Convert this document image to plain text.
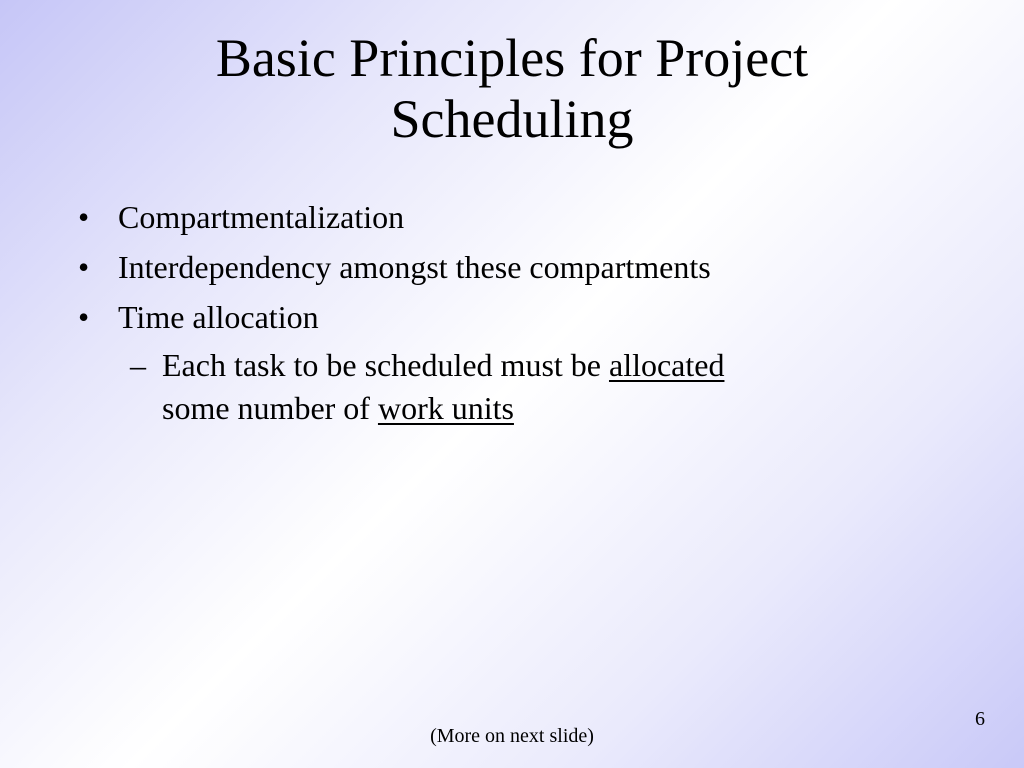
Basic Principles for Project
Scheduling
• Compartmentalization
• Interdependency amongst these compartments
• Time allocation
– Each task to be scheduled must be allocated
some number of work units
6
(More on next slide)
